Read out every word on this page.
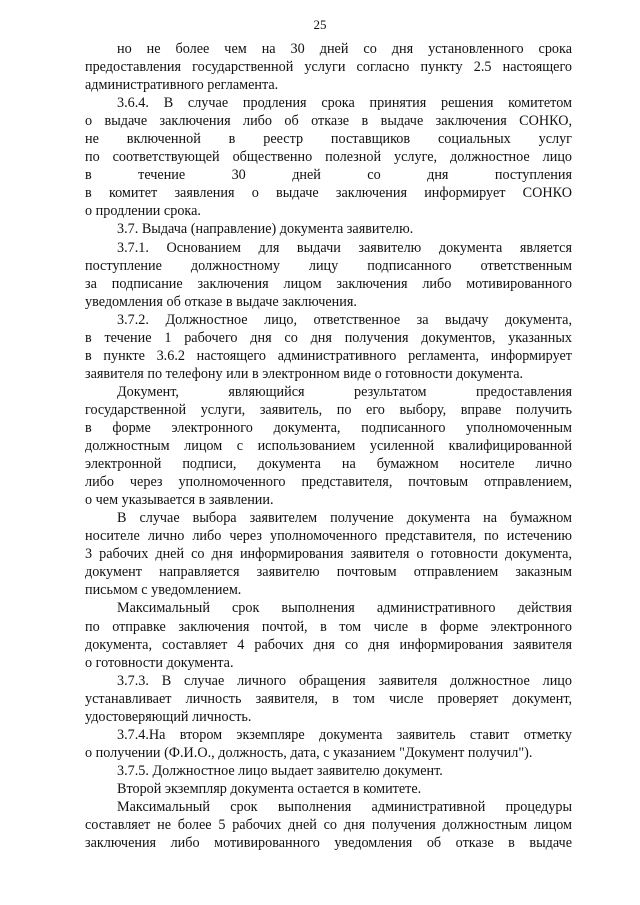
25
но не более чем на 30 дней со дня установленного срока
предоставления государственной услуги согласно пункту 2.5 настоящего
административного регламента.
3.6.4. В случае продления срока принятия решения комитетом
о выдаче заключения либо об отказе в выдаче заключения СОНКО,
не включенной в реестр поставщиков социальных услуг
по соответствующей общественно полезной услуге, должностное лицо
в течение 30 дней со дня поступления
в комитет заявления о выдаче заключения информирует СОНКО
о продлении срока.
3.7. Выдача (направление) документа заявителю.
3.7.1. Основанием для выдачи заявителю документа является
поступление должностному лицу подписанного ответственным
за подписание заключения лицом заключения либо мотивированного
уведомления об отказе в выдаче заключения.
3.7.2. Должностное лицо, ответственное за выдачу документа,
в течение 1 рабочего дня со дня получения документов, указанных
в пункте 3.6.2 настоящего административного регламента, информирует
заявителя по телефону или в электронном виде о готовности документа.
Документ, являющийся результатом предоставления
государственной услуги, заявитель, по его выбору, вправе получить
в форме электронного документа, подписанного уполномоченным
должностным лицом с использованием усиленной квалифицированной
электронной подписи, документа на бумажном носителе лично
либо через уполномоченного представителя, почтовым отправлением,
о чем указывается в заявлении.
В случае выбора заявителем получение документа на бумажном
носителе лично либо через уполномоченного представителя, по истечению
3 рабочих дней со дня информирования заявителя о готовности документа,
документ направляется заявителю почтовым отправлением заказным
письмом с уведомлением.
Максимальный срок выполнения административного действия
по отправке заключения почтой, в том числе в форме электронного
документа, составляет 4 рабочих дня со дня информирования заявителя
о готовности документа.
3.7.3. В случае личного обращения заявителя должностное лицо
устанавливает личность заявителя, в том числе проверяет документ,
удостоверяющий личность.
3.7.4.На втором экземпляре документа заявитель ставит отметку
о получении (Ф.И.О., должность, дата, с указанием "Документ получил").
3.7.5. Должностное лицо выдает заявителю документ.
Второй экземпляр документа остается в комитете.
Максимальный срок выполнения административной процедуры
составляет не более 5 рабочих дней со дня получения должностным лицом
заключения либо мотивированного уведомления об отказе в выдаче
